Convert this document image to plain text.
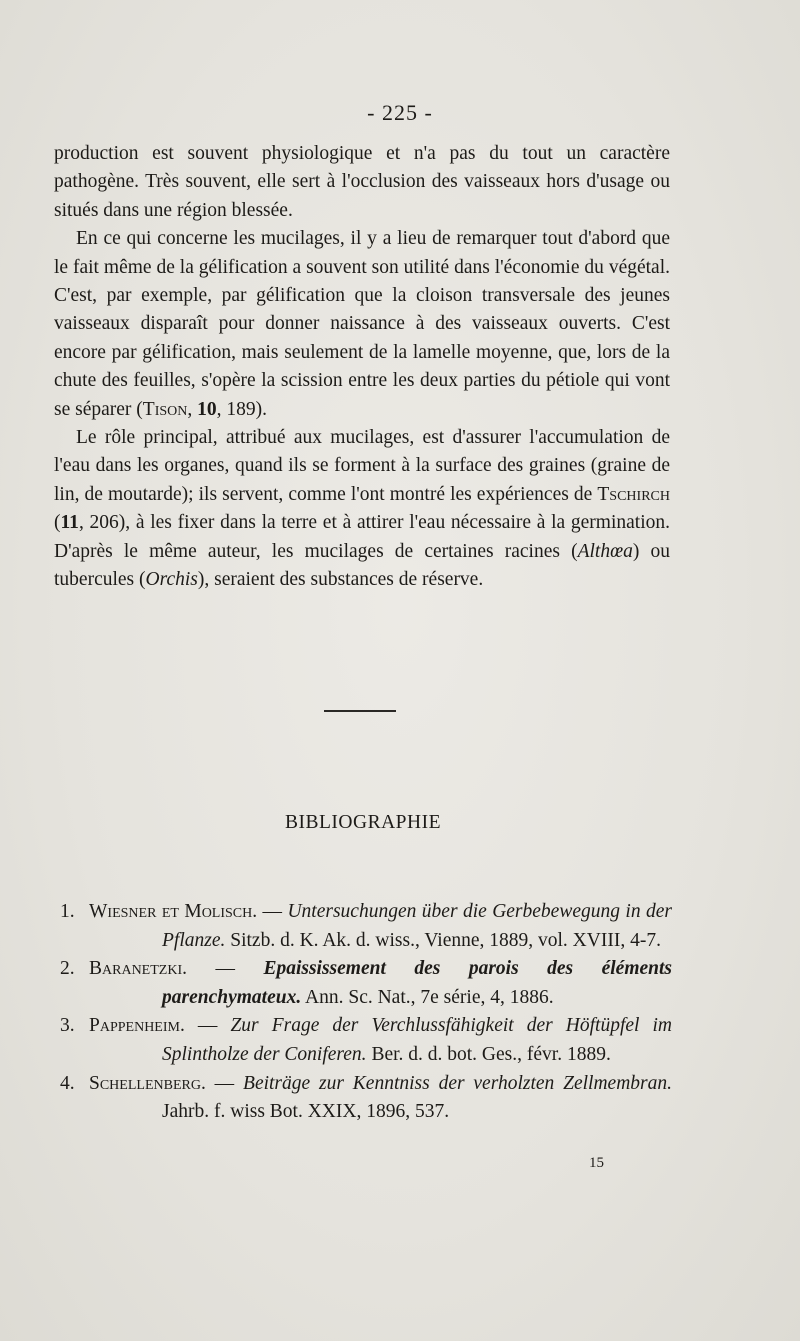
- 225 -

production est souvent physiologique et n'a pas du tout un caractère pathogène. Très souvent, elle sert à l'occlusion des vaisseaux hors d'usage ou situés dans une région blessée.

En ce qui concerne les mucilages, il y a lieu de remarquer tout d'abord que le fait même de la gélification a souvent son utilité dans l'économie du végétal. C'est, par exemple, par gélification que la cloison transversale des jeunes vaisseaux disparaît pour donner naissance à des vaisseaux ouverts. C'est encore par gélification, mais seulement de la lamelle moyenne, que, lors de la chute des feuilles, s'opère la scission entre les deux parties du pétiole qui vont se séparer (Tison, 10, 189).

Le rôle principal, attribué aux mucilages, est d'assurer l'accumulation de l'eau dans les organes, quand ils se forment à la surface des graines (graine de lin, de moutarde); ils servent, comme l'ont montré les expériences de Tschirch (11, 206), à les fixer dans la terre et à attirer l'eau nécessaire à la germination. D'après le même auteur, les mucilages de certaines racines (Althœa) ou tubercules (Orchis), seraient des substances de réserve.

BIBLIOGRAPHIE
1. Wiesner et Molisch. — Untersuchungen über die Gerbebewegung in der Pflanze. Sitzb. d. K. Ak. d. wiss., Vienne, 1889, vol. XVIII, 4-7.
2. Baranetzki. — Epaississement des parois des éléments parenchymateux. Ann. Sc. Nat., 7e série, 4, 1886.
3. Pappenheim. — Zur Frage der Verchlussfähigkeit der Höftüpfel im Splintholze der Coniferen. Ber. d. d. bot. Ges., févr. 1889.
4. Schellenberg. — Beiträge zur Kenntniss der verholzten Zellmembran. Jahrb. f. wiss Bot. XXIX, 1896, 537.
15
